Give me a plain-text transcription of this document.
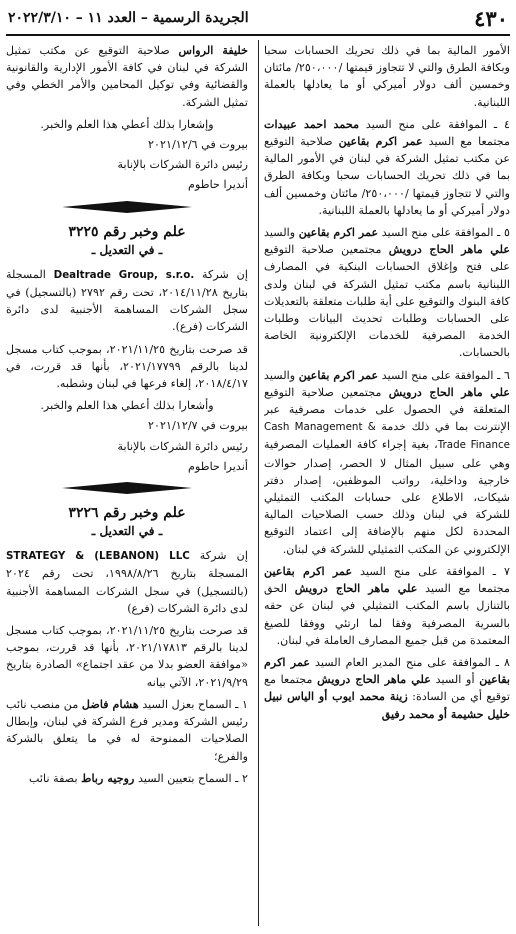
٤٣٠
الجريدة الرسمية – العدد ١١ – ٢٠٢٢/٣/١٠

الأمور المالية بما في ذلك تحريك الحسابات سحبا وبكافة الطرق والتي لا تتجاوز قيمتها /٢٥٠،٠٠٠/ مائتان وخمسين ألف دولار أميركي أو ما يعادلها بالعملة اللبنانية.

٤ ـ الموافقة على منح السيد محمد احمد عبيدات مجتمعا مع السيد عمر اكرم بقاعين صلاحية التوقيع عن مكتب تمثيل الشركة في لبنان في الأمور المالية بما في ذلك تحريك الحسابات سحبا وبكافة الطرق والتي لا تتجاوز قيمتها /٢٥٠،٠٠٠/ مائتان وخمسين ألف دولار أميركي أو ما يعادلها بالعملة اللبنانية.

٥ ـ الموافقة على منح السيد عمر اكرم بقاعين والسيد علي ماهر الحاج درويش مجتمعين صلاحية التوقيع على فتح وإغلاق الحسابات البنكية في المصارف اللبنانية باسم مكتب تمثيل الشركة في لبنان ولدى كافة البنوك والتوقيع على أية طلبات متعلقة بالتعديلات على الحسابات وطلبات تحديث البيانات وطلبات الخدمة المصرفية للخدمات الإلكترونية الخاصة بالحسابات.

٦ ـ الموافقة على منح السيد عمر اكرم بقاعين والسيد علي ماهر الحاج درويش مجتمعين صلاحية التوقيع المتعلقة في الحصول على خدمات مصرفية عبر الإنترنت بما في ذلك خدمة Cash Management & Trade Finance، بغية إجراء كافة العمليات المصرفية وهي على سبيل المثال لا الحصر، إصدار حوالات خارجية وداخلية، رواتب الموظفين، إصدار دفتر شيكات، الاطلاع على حسابات المكتب التمثيلي للشركة في لبنان وذلك حسب الصلاحيات المالية المحددة لكل منهم بالإضافة إلى اعتماد التوقيع الإلكتروني عن المكتب التمثيلي للشركة في لبنان.

٧ ـ الموافقة على منح السيد عمر اكرم بقاعين مجتمعا مع السيد علي ماهر الحاج درويش الحق بالتنازل باسم المكتب التمثيلي في لبنان عن حقه بالسرية المصرفية وفقا لما ارتئي ووفقا للصيغ المعتمدة من قبل جميع المصارف العاملة في لبنان.

٨ ـ الموافقة على منح المدير العام السيد عمر اكرم بقاعين أو السيد علي ماهر الحاج درويش مجتمعا مع توقيع أي من السادة: زينة محمد ايوب أو الياس نبيل خليل حشيمة أو محمد رفيق

خليفة الرواس صلاحية التوقيع عن مكتب تمثيل الشركة في لبنان في كافة الأمور الإدارية والقانونية والقضائية وفي توكيل المحامين والأمر الخطي وفي تمثيل الشركة.

وإشعارا بذلك أعطي هذا العلم والخبر.

بيروت في ٢٠٢١/١٢/٦

رئيس دائرة الشركات بالإنابة

أنديرا حاطوم

علم وخبر رقم ٣٢٢٥
ـ في التعديل ـ

إن شركة Dealtrade Group, s.r.o. المسجلة بتاريخ ٢٠١٤/١١/٢٨، تحت رقم ٢٧٩٢ (بالتسجيل) في سجل الشركات المساهمة الأجنبية لدى دائرة الشركات (فرع).

قد صرحت بتاريخ ٢٠٢١/١١/٢٥، بموجب كتاب مسجل لدينا بالرقم ٢٠٢١/١٧٧٩٩، بأنها قد قررت، في ٢٠١٨/٤/١٧، إلغاء فرعها في لبنان وشطبه.

وأشعارا بذلك أعطي هذا العلم والخبر.

بيروت في ٢٠٢١/١٢/٧

رئيس دائرة الشركات بالإنابة

أنديرا حاطوم

علم وخبر رقم ٣٢٢٦
ـ في التعديل ـ

إن شركة STRATEGY & (LEBANON) LLC المسجلة بتاريخ ١٩٩٨/٨/٢٦، تحت رقم ٢٠٢٤ (بالتسجيل) في سجل الشركات المساهمة الأجنبية لدى دائرة الشركات (فرع)

قد صرحت بتاريخ ٢٠٢١/١١/٢٥، بموجب كتاب مسجل لدينا بالرقم ٢٠٢١/١٧٨١٣، بأنها قد قررت، بموجب «موافقة العضو بدلا من عقد اجتماع» الصادرة بتاريخ ٢٠٢١/٩/٢٩، الآتي بيانه

١ ـ السماح بعزل السيد هشام فاضل من منصب نائب رئيس الشركة ومدير فرع الشركة في لبنان، وإبطال الصلاحيات الممنوحة له في ما يتعلق بالشركة والفرع؛

٢ ـ السماح بتعيين السيد روجيه رباط بصفة نائب
